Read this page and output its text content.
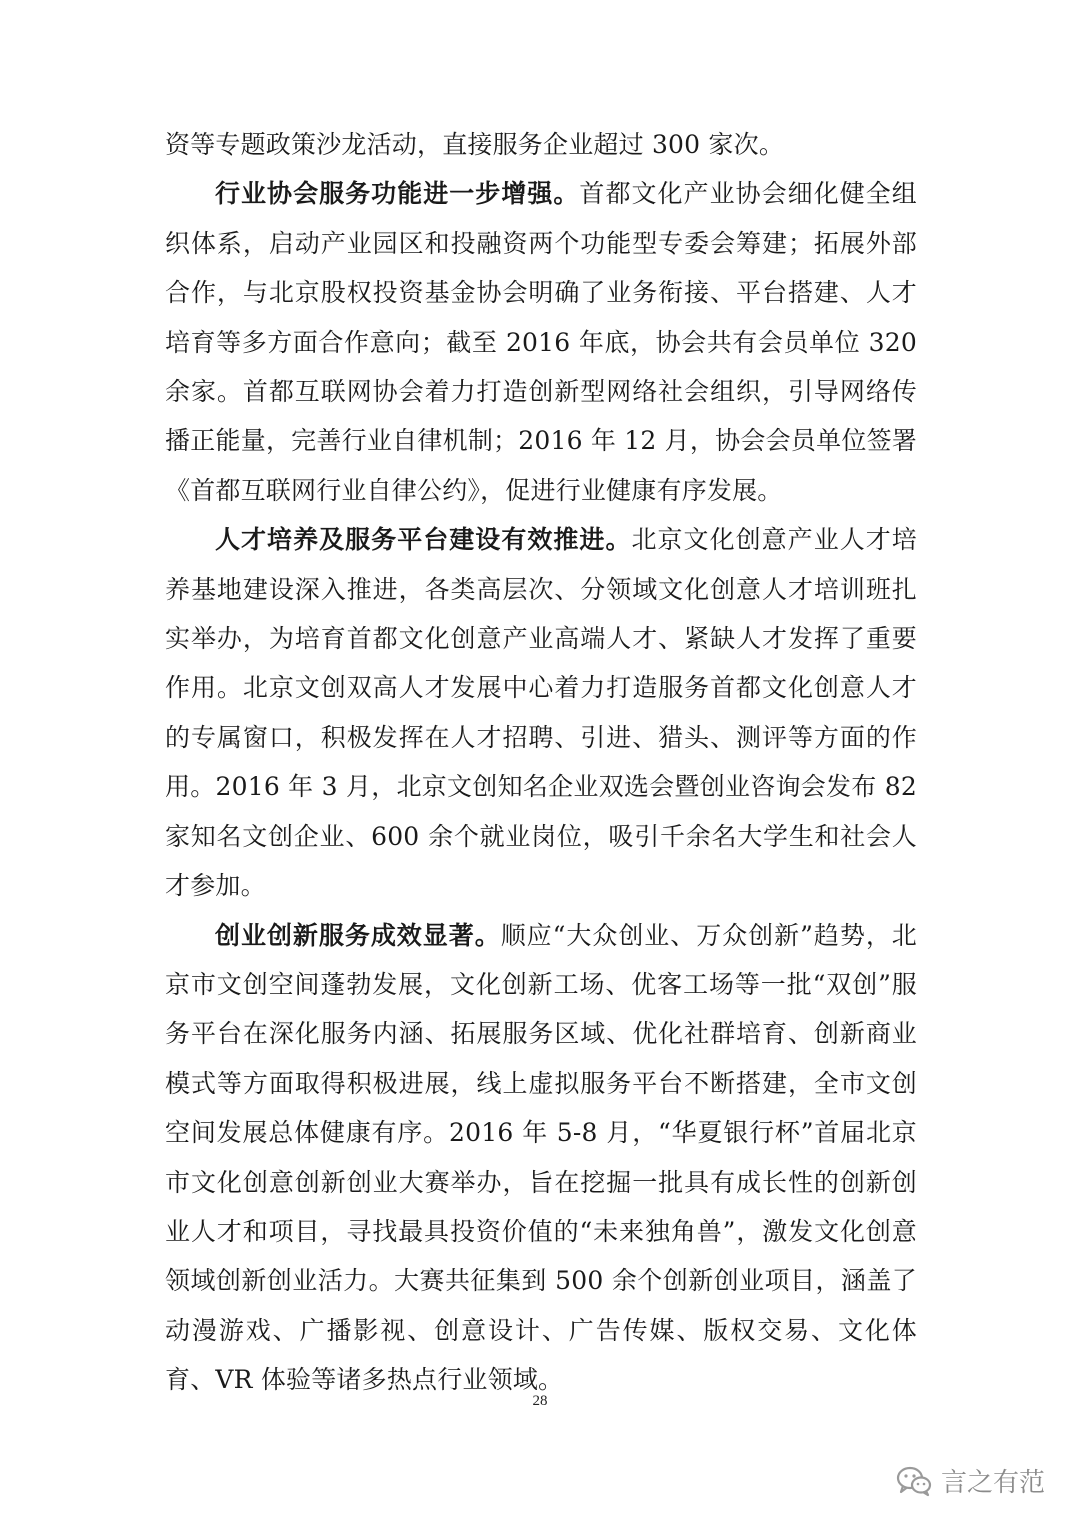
资等专题政策沙龙活动，直接服务企业超过 300 家次。

行业协会服务功能进一步增强。首都文化产业协会细化健全组织体系，启动产业园区和投融资两个功能型专委会筹建；拓展外部合作，与北京股权投资基金协会明确了业务衔接、平台搭建、人才培育等多方面合作意向；截至 2016 年底，协会共有会员单位 320 余家。首都互联网协会着力打造创新型网络社会组织，引导网络传播正能量，完善行业自律机制；2016 年 12 月，协会会员单位签署《首都互联网行业自律公约》，促进行业健康有序发展。

人才培养及服务平台建设有效推进。北京文化创意产业人才培养基地建设深入推进，各类高层次、分领域文化创意人才培训班扎实举办，为培育首都文化创意产业高端人才、紧缺人才发挥了重要作用。北京文创双高人才发展中心着力打造服务首都文化创意人才的专属窗口，积极发挥在人才招聘、引进、猎头、测评等方面的作用。2016 年 3 月，北京文创知名企业双选会暨创业咨询会发布 82 家知名文创企业、600 余个就业岗位，吸引千余名大学生和社会人才参加。

创业创新服务成效显著。顺应“大众创业、万众创新”趋势，北京市文创空间蓬勃发展，文化创新工场、优客工场等一批“双创”服务平台在深化服务内涵、拓展服务区域、优化社群培育、创新商业模式等方面取得积极进展，线上虚拟服务平台不断搭建，全市文创空间发展总体健康有序。2016 年 5-8 月，“华夏银行杯”首届北京市文化创意创新创业大赛举办，旨在挖掘一批具有成长性的创新创业人才和项目，寻找最具投资价值的“未来独角兽”，激发文化创意领域创新创业活力。大赛共征集到 500 余个创新创业项目，涵盖了动漫游戏、广播影视、创意设计、广告传媒、版权交易、文化体育、VR 体验等诸多热点行业领域。

28
言之有范
